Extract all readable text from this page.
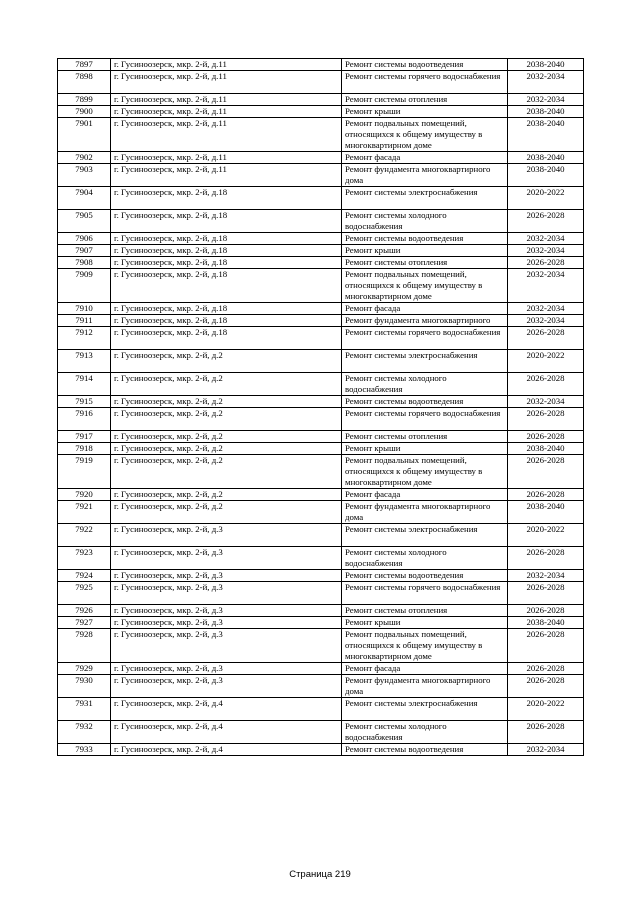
7897	г. Гусиноозерск, мкр. 2-й, д.11	Ремонт системы водоотведения	2038-2040
7898	г. Гусиноозерск, мкр. 2-й, д.11	Ремонт системы горячего водоснабжения	2032-2034
7899	г. Гусиноозерск, мкр. 2-й, д.11	Ремонт системы отопления	2032-2034
7900	г. Гусиноозерск, мкр. 2-й, д.11	Ремонт крыши	2038-2040
7901	г. Гусиноозерск, мкр. 2-й, д.11	Ремонт подвальных помещений, относящихся к общему имуществу в многоквартирном доме	2038-2040
7902	г. Гусиноозерск, мкр. 2-й, д.11	Ремонт фасада	2038-2040
7903	г. Гусиноозерск, мкр. 2-й, д.11	Ремонт фундамента многоквартирного дома	2038-2040
7904	г. Гусиноозерск, мкр. 2-й, д.18	Ремонт системы электроснабжения	2020-2022
7905	г. Гусиноозерск, мкр. 2-й, д.18	Ремонт системы холодного водоснабжения	2026-2028
7906	г. Гусиноозерск, мкр. 2-й, д.18	Ремонт системы водоотведения	2032-2034
7907	г. Гусиноозерск, мкр. 2-й, д.18	Ремонт крыши	2032-2034
7908	г. Гусиноозерск, мкр. 2-й, д.18	Ремонт системы отопления	2026-2028
7909	г. Гусиноозерск, мкр. 2-й, д.18	Ремонт подвальных помещений, относящихся к общему имуществу в многоквартирном доме	2032-2034
7910	г. Гусиноозерск, мкр. 2-й, д.18	Ремонт фасада	2032-2034
7911	г. Гусиноозерск, мкр. 2-й, д.18	Ремонт фундамента многоквартирного	2032-2034
7912	г. Гусиноозерск, мкр. 2-й, д.18	Ремонт системы горячего водоснабжения	2026-2028
7913	г. Гусиноозерск, мкр. 2-й, д.2	Ремонт системы электроснабжения	2020-2022
7914	г. Гусиноозерск, мкр. 2-й, д.2	Ремонт системы холодного водоснабжения	2026-2028
7915	г. Гусиноозерск, мкр. 2-й, д.2	Ремонт системы водоотведения	2032-2034
7916	г. Гусиноозерск, мкр. 2-й, д.2	Ремонт системы горячего водоснабжения	2026-2028
7917	г. Гусиноозерск, мкр. 2-й, д.2	Ремонт системы отопления	2026-2028
7918	г. Гусиноозерск, мкр. 2-й, д.2	Ремонт крыши	2038-2040
7919	г. Гусиноозерск, мкр. 2-й, д.2	Ремонт подвальных помещений, относящихся к общему имуществу в многоквартирном доме	2026-2028
7920	г. Гусиноозерск, мкр. 2-й, д.2	Ремонт фасада	2026-2028
7921	г. Гусиноозерск, мкр. 2-й, д.2	Ремонт фундамента многоквартирного дома	2038-2040
7922	г. Гусиноозерск, мкр. 2-й, д.3	Ремонт системы электроснабжения	2020-2022
7923	г. Гусиноозерск, мкр. 2-й, д.3	Ремонт системы холодного водоснабжения	2026-2028
7924	г. Гусиноозерск, мкр. 2-й, д.3	Ремонт системы водоотведения	2032-2034
7925	г. Гусиноозерск, мкр. 2-й, д.3	Ремонт системы горячего водоснабжения	2026-2028
7926	г. Гусиноозерск, мкр. 2-й, д.3	Ремонт системы отопления	2026-2028
7927	г. Гусиноозерск, мкр. 2-й, д.3	Ремонт крыши	2038-2040
7928	г. Гусиноозерск, мкр. 2-й, д.3	Ремонт подвальных помещений, относящихся к общему имуществу в многоквартирном доме	2026-2028
7929	г. Гусиноозерск, мкр. 2-й, д.3	Ремонт фасада	2026-2028
7930	г. Гусиноозерск, мкр. 2-й, д.3	Ремонт фундамента многоквартирного дома	2026-2028
7931	г. Гусиноозерск, мкр. 2-й, д.4	Ремонт системы электроснабжения	2020-2022
7932	г. Гусиноозерск, мкр. 2-й, д.4	Ремонт системы холодного водоснабжения	2026-2028
7933	г. Гусиноозерск, мкр. 2-й, д.4	Ремонт системы водоотведения	2032-2034
Страница 219
